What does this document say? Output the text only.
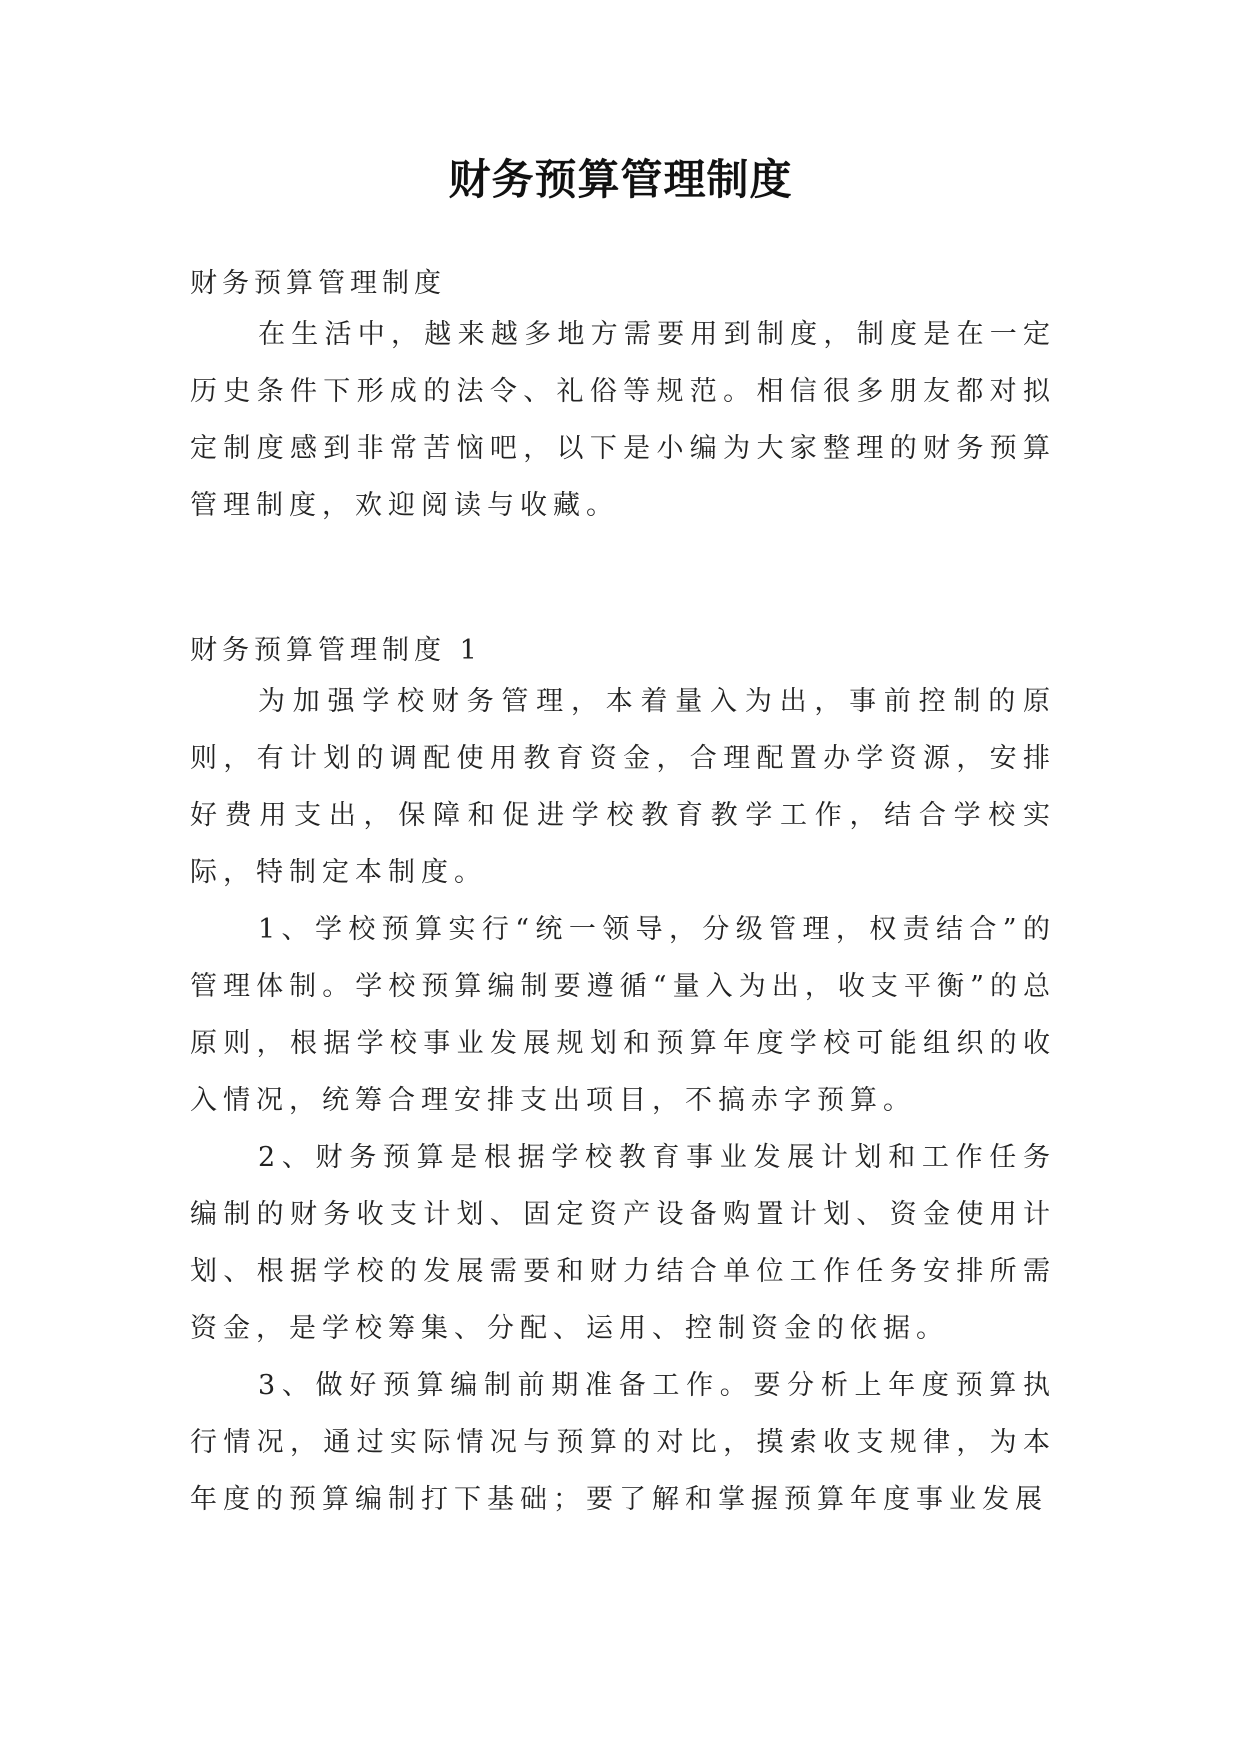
财务预算管理制度
财务预算管理制度

在生活中，越来越多地方需要用到制度，制度是在一定历史条件下形成的法令、礼俗等规范。相信很多朋友都对拟定制度感到非常苦恼吧，以下是小编为大家整理的财务预算管理制度，欢迎阅读与收藏。

财务预算管理制度 1

为加强学校财务管理，本着量入为出，事前控制的原则，有计划的调配使用教育资金，合理配置办学资源，安排好费用支出，保障和促进学校教育教学工作，结合学校实际，特制定本制度。

1、学校预算实行“统一领导，分级管理，权责结合”的管理体制。学校预算编制要遵循“量入为出，收支平衡”的总原则，根据学校事业发展规划和预算年度学校可能组织的收入情况，统筹合理安排支出项目，不搞赤字预算。

2、财务预算是根据学校教育事业发展计划和工作任务编制的财务收支计划、固定资产设备购置计划、资金使用计划、根据学校的发展需要和财力结合单位工作任务安排所需资金，是学校筹集、分配、运用、控制资金的依据。

3、做好预算编制前期准备工作。要分析上年度预算执行情况，通过实际情况与预算的对比，摸索收支规律，为本年度的预算编制打下基础；要了解和掌握预算年度事业发展
